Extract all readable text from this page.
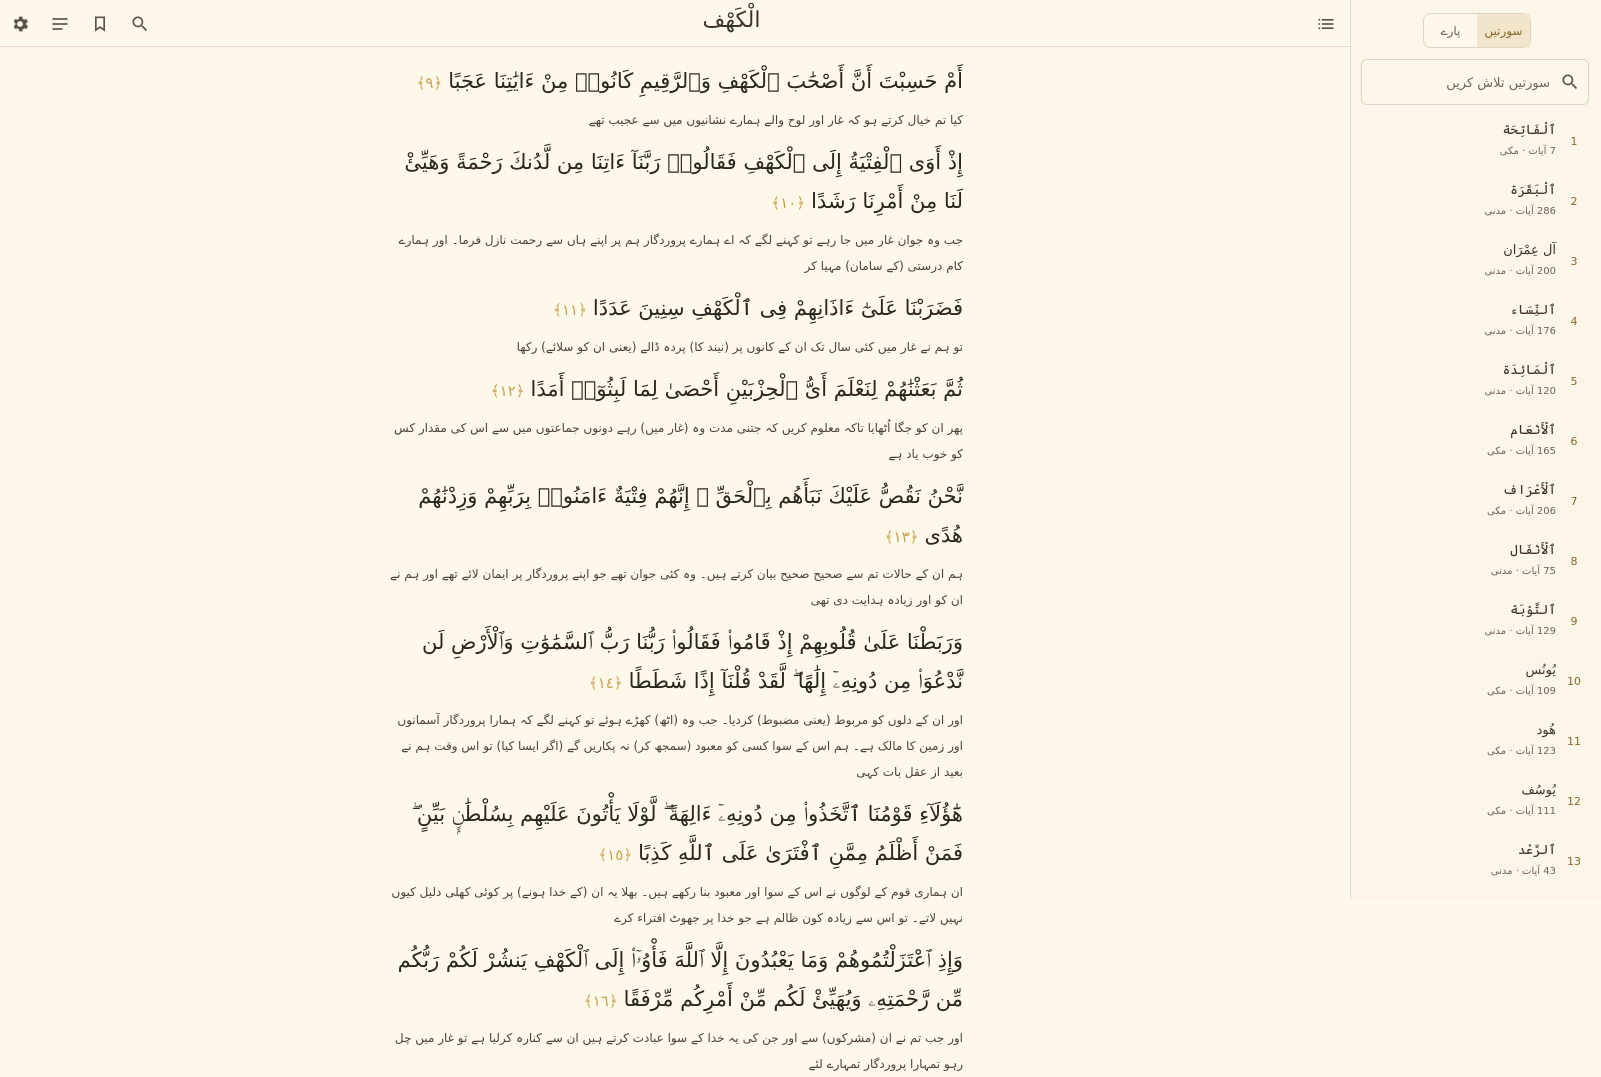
الْكَهْف
أَمْ حَسِبْتَ أَنَّ أَصْحَٰبَ ٱلْكَهْفِ وَٱلرَّقِيمِ كَانُوا۟ مِنْ ءَايَٰتِنَا عَجَبًا﴿٩﴾
کیا تم خیال کرتے ہو کہ غار اور لوح والے ہمارے نشانیوں میں سے عجیب تھے
إِذْ أَوَى ٱلْفِتْيَةُ إِلَى ٱلْكَهْفِ فَقَالُوا۟ رَبَّنَآ ءَاتِنَا مِن لَّدُنكَ رَحْمَةً وَهَيِّئْ لَنَا مِنْ أَمْرِنَا رَشَدًا﴿١٠﴾
جب وہ جوان غار میں جا رہے تو کہنے لگے کہ اے ہمارے پروردگار ہم پر اپنے ہاں سے رحمت نازل فرما۔ اور ہمارے کام درستی (کے سامان) مہیا کر
فَضَرَبْنَا عَلَىٰٓ ءَاذَانِهِمْ فِى ٱلْكَهْفِ سِنِينَ عَدَدًا﴿١١﴾
تو ہم نے غار میں کئی سال تک ان کے کانوں پر (نیند کا) پردہ ڈالے (یعنی ان کو سلائے) رکھا
ثُمَّ بَعَثْنَٰهُمْ لِنَعْلَمَ أَىُّ ٱلْحِزْبَيْنِ أَحْصَىٰ لِمَا لَبِثُوٓا۟ أَمَدًا﴿١٢﴾
پھر ان کو جگا اُٹھایا تاکہ معلوم کریں کہ جتنی مدت وہ (غار میں) رہے دونوں جماعتوں میں سے اس کی مقدار کس کو خوب یاد ہے
نَّحْنُ نَقُصُّ عَلَيْكَ نَبَأَهُم بِٱلْحَقِّ ۚ إِنَّهُمْ فِتْيَةٌ ءَامَنُوا۟ بِرَبِّهِمْ وَزِدْنَٰهُمْ هُدًى﴿١٣﴾
ہم ان کے حالات تم سے صحیح صحیح بیان کرتے ہیں۔ وہ کئی جوان تھے جو اپنے پروردگار پر ایمان لائے تھے اور ہم نے ان کو اور زیادہ ہدایت دی تھی
وَرَبَطْنَا عَلَىٰ قُلُوبِهِمْ إِذْ قَامُوا۟ فَقَالُوا۟ رَبُّنَا رَبُّ ٱلسَّمَٰوَٰتِ وَٱلْأَرْضِ لَن نَّدْعُوَا۟ مِن دُونِهِۦٓ إِلَٰهًا ۖ لَّقَدْ قُلْنَآ إِذًا شَطَطًا﴿١٤﴾
اور ان کے دلوں کو مربوط (یعنی مضبوط) کردیا۔ جب وہ (اٹھ) کھڑے ہوئے تو کہنے لگے کہ ہمارا پروردگار آسمانوں اور زمین کا مالک ہے۔ ہم اس کے سوا کسی کو معبود (سمجھ کر) نہ پکاریں گے (اگر ایسا کیا) تو اس وقت ہم نے بعید از عقل بات کہی
هَٰٓؤُلَآءِ قَوْمُنَا ٱتَّخَذُوا۟ مِن دُونِهِۦٓ ءَالِهَةً ۖ لَّوْلَا يَأْتُونَ عَلَيْهِم بِسُلْطَٰنٍۭ بَيِّنٍ ۖ فَمَنْ أَظْلَمُ مِمَّنِ ٱفْتَرَىٰ عَلَى ٱللَّهِ كَذِبًا﴿١٥﴾
ان ہماری قوم کے لوگوں نے اس کے سوا اور معبود بنا رکھے ہیں۔ بھلا یہ ان (کے خدا ہونے) پر کوئی کھلی دلیل کیوں نہیں لاتے۔ تو اس سے زیادہ کون ظالم ہے جو خدا پر جھوٹ افتراء کرے
وَإِذِ ٱعْتَزَلْتُمُوهُمْ وَمَا يَعْبُدُونَ إِلَّا ٱللَّهَ فَأْوُۥٓا۟ إِلَى ٱلْكَهْفِ يَنشُرْ لَكُمْ رَبُّكُم مِّن رَّحْمَتِهِۦ وَيُهَيِّئْ لَكُم مِّنْ أَمْرِكُم مِّرْفَقًا﴿١٦﴾
اور جب تم نے ان (مشرکوں) سے اور جن کی یہ خدا کے سوا عبادت کرتے ہیں ان سے کنارہ کرلیا ہے تو غار میں چل رہو تمہارا پروردگار تمہارے لئے
پارے	سورتیں
سورتیں تلاش کریں
1
ٱلْفَاتِحَة
7 آیات · مکی
2
ٱلْبَقَرَة
286 آیات · مدنی
3
آل عِمْرَان
200 آیات · مدنی
4
ٱلنِّسَاء
176 آیات · مدنی
5
ٱلْمَائِدَة
120 آیات · مدنی
6
ٱلْأَنْعَام
165 آیات · مکی
7
ٱلْأَعْرَاف
206 آیات · مکی
8
ٱلْأَنْفَال
75 آیات · مدنی
9
ٱلتَّوْبَة
129 آیات · مدنی
10
يُونُس
109 آیات · مکی
11
هُود
123 آیات · مکی
12
يُوسُف
111 آیات · مکی
13
ٱلرَّعْد
43 آیات · مدنی
